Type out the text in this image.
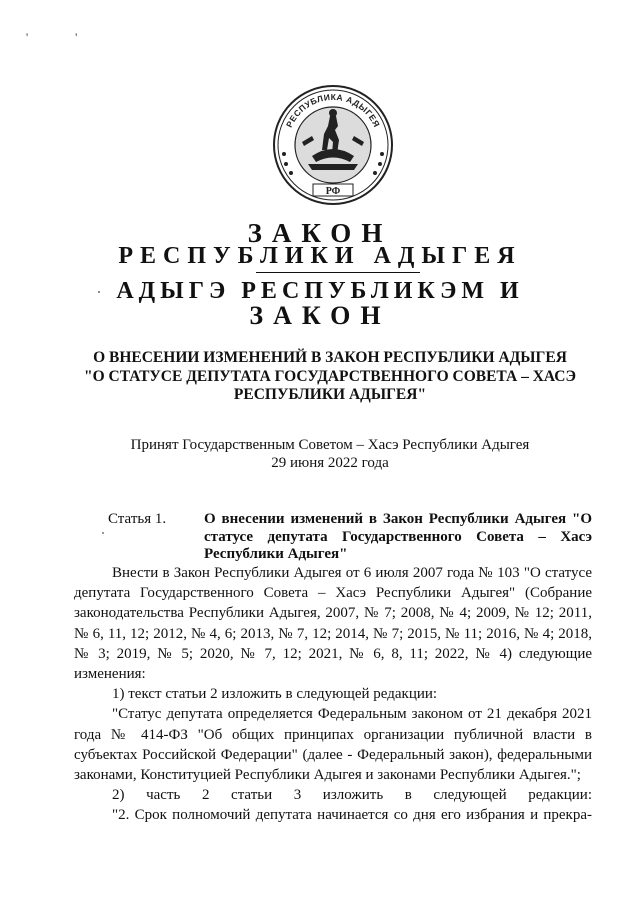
' '
РФ
РЕСПУБЛИКА АДЫГЕЯ
ЗАКОН
РЕСПУБЛИКИ АДЫГЕЯ
АДЫГЭ РЕСПУБЛИКЭМ И
ЗАКОН
О ВНЕСЕНИИ ИЗМЕНЕНИЙ В ЗАКОН РЕСПУБЛИКИ АДЫГЕЯ
"О СТАТУСЕ ДЕПУТАТА ГОСУДАРСТВЕННОГО СОВЕТА – ХАСЭ
РЕСПУБЛИКИ АДЫГЕЯ"
Принят Государственным Советом – Хасэ Республики Адыгея
29 июня 2022 года
Статья 1.	О внесении изменений в Закон Республики Адыгея "О статусе депутата Государственного Совета – Хасэ Республики Адыгея"

Внести в Закон Республики Адыгея от 6 июля 2007 года № 103 "О статусе депутата Государственного Совета – Хасэ Республики Адыгея" (Собрание законодательства Республики Адыгея, 2007, № 7; 2008, № 4; 2009, № 12; 2011, № 6, 11, 12; 2012, № 4, 6; 2013, № 7, 12; 2014, № 7; 2015, № 11; 2016, № 4; 2018, № 3; 2019, № 5; 2020, № 7, 12; 2021, № 6, 8, 11; 2022, № 4) следующие изменения:

1) текст статьи 2 изложить в следующей редакции:

"Статус депутата определяется Федеральным законом от 21 декабря 2021 года № 414-ФЗ "Об общих принципах организации публичной власти в субъектах Российской Федерации" (далее - Федеральный закон), федеральными законами, Конституцией Республики Адыгея и законами Республики Адыгея.";

2) часть 2 статьи 3 изложить в следующей редакции:

"2. Срок полномочий депутата начинается со дня его избрания и прекра-
